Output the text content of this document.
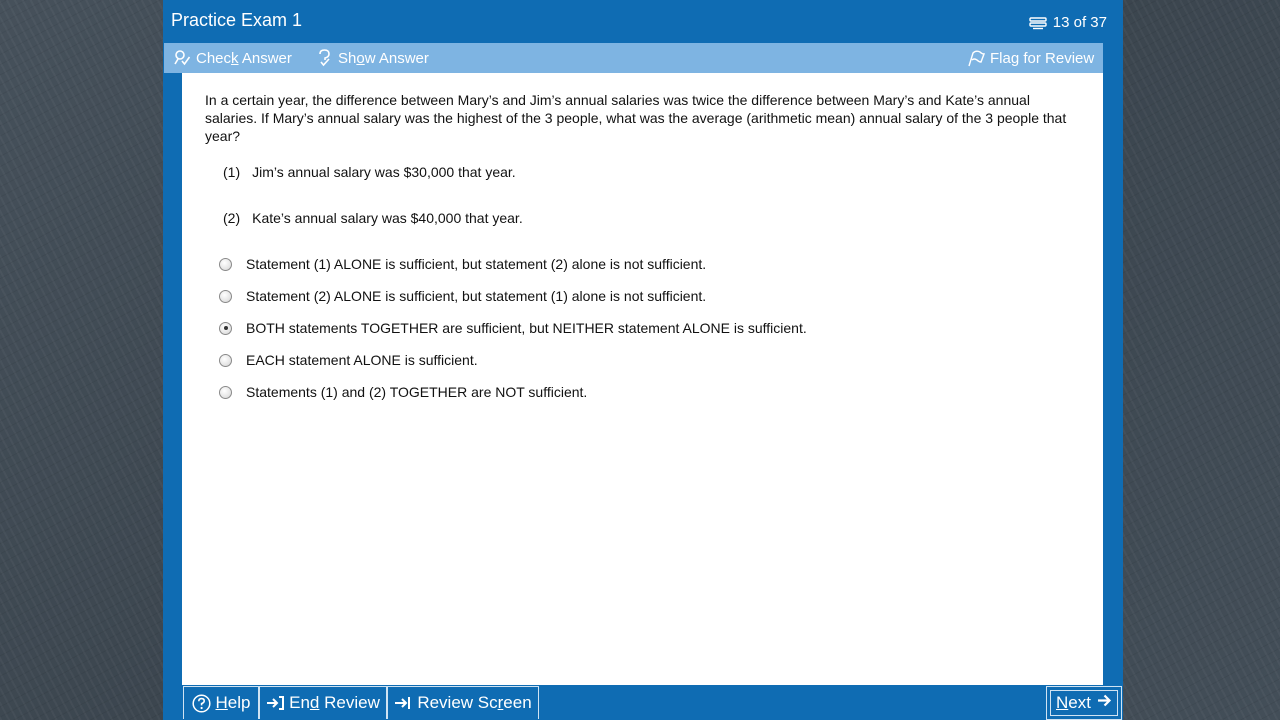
Practice Exam 1	13 of 37
Check Answer	Show Answer	Flag for Review
In a certain year, the difference between Mary’s and Jim’s annual salaries was twice the difference between Mary’s and Kate’s annual salaries. If Mary’s annual salary was the highest of the 3 people, what was the average (arithmetic mean) annual salary of the 3 people that year?
(1) Jim’s annual salary was $30,000 that year.
(2) Kate’s annual salary was $40,000 that year.
Statement (1) ALONE is sufficient, but statement (2) alone is not sufficient.
Statement (2) ALONE is sufficient, but statement (1) alone is not sufficient.
BOTH statements TOGETHER are sufficient, but NEITHER statement ALONE is sufficient.
EACH statement ALONE is sufficient.
Statements (1) and (2) TOGETHER are NOT sufficient.
Help End Review Review Screen	Next
